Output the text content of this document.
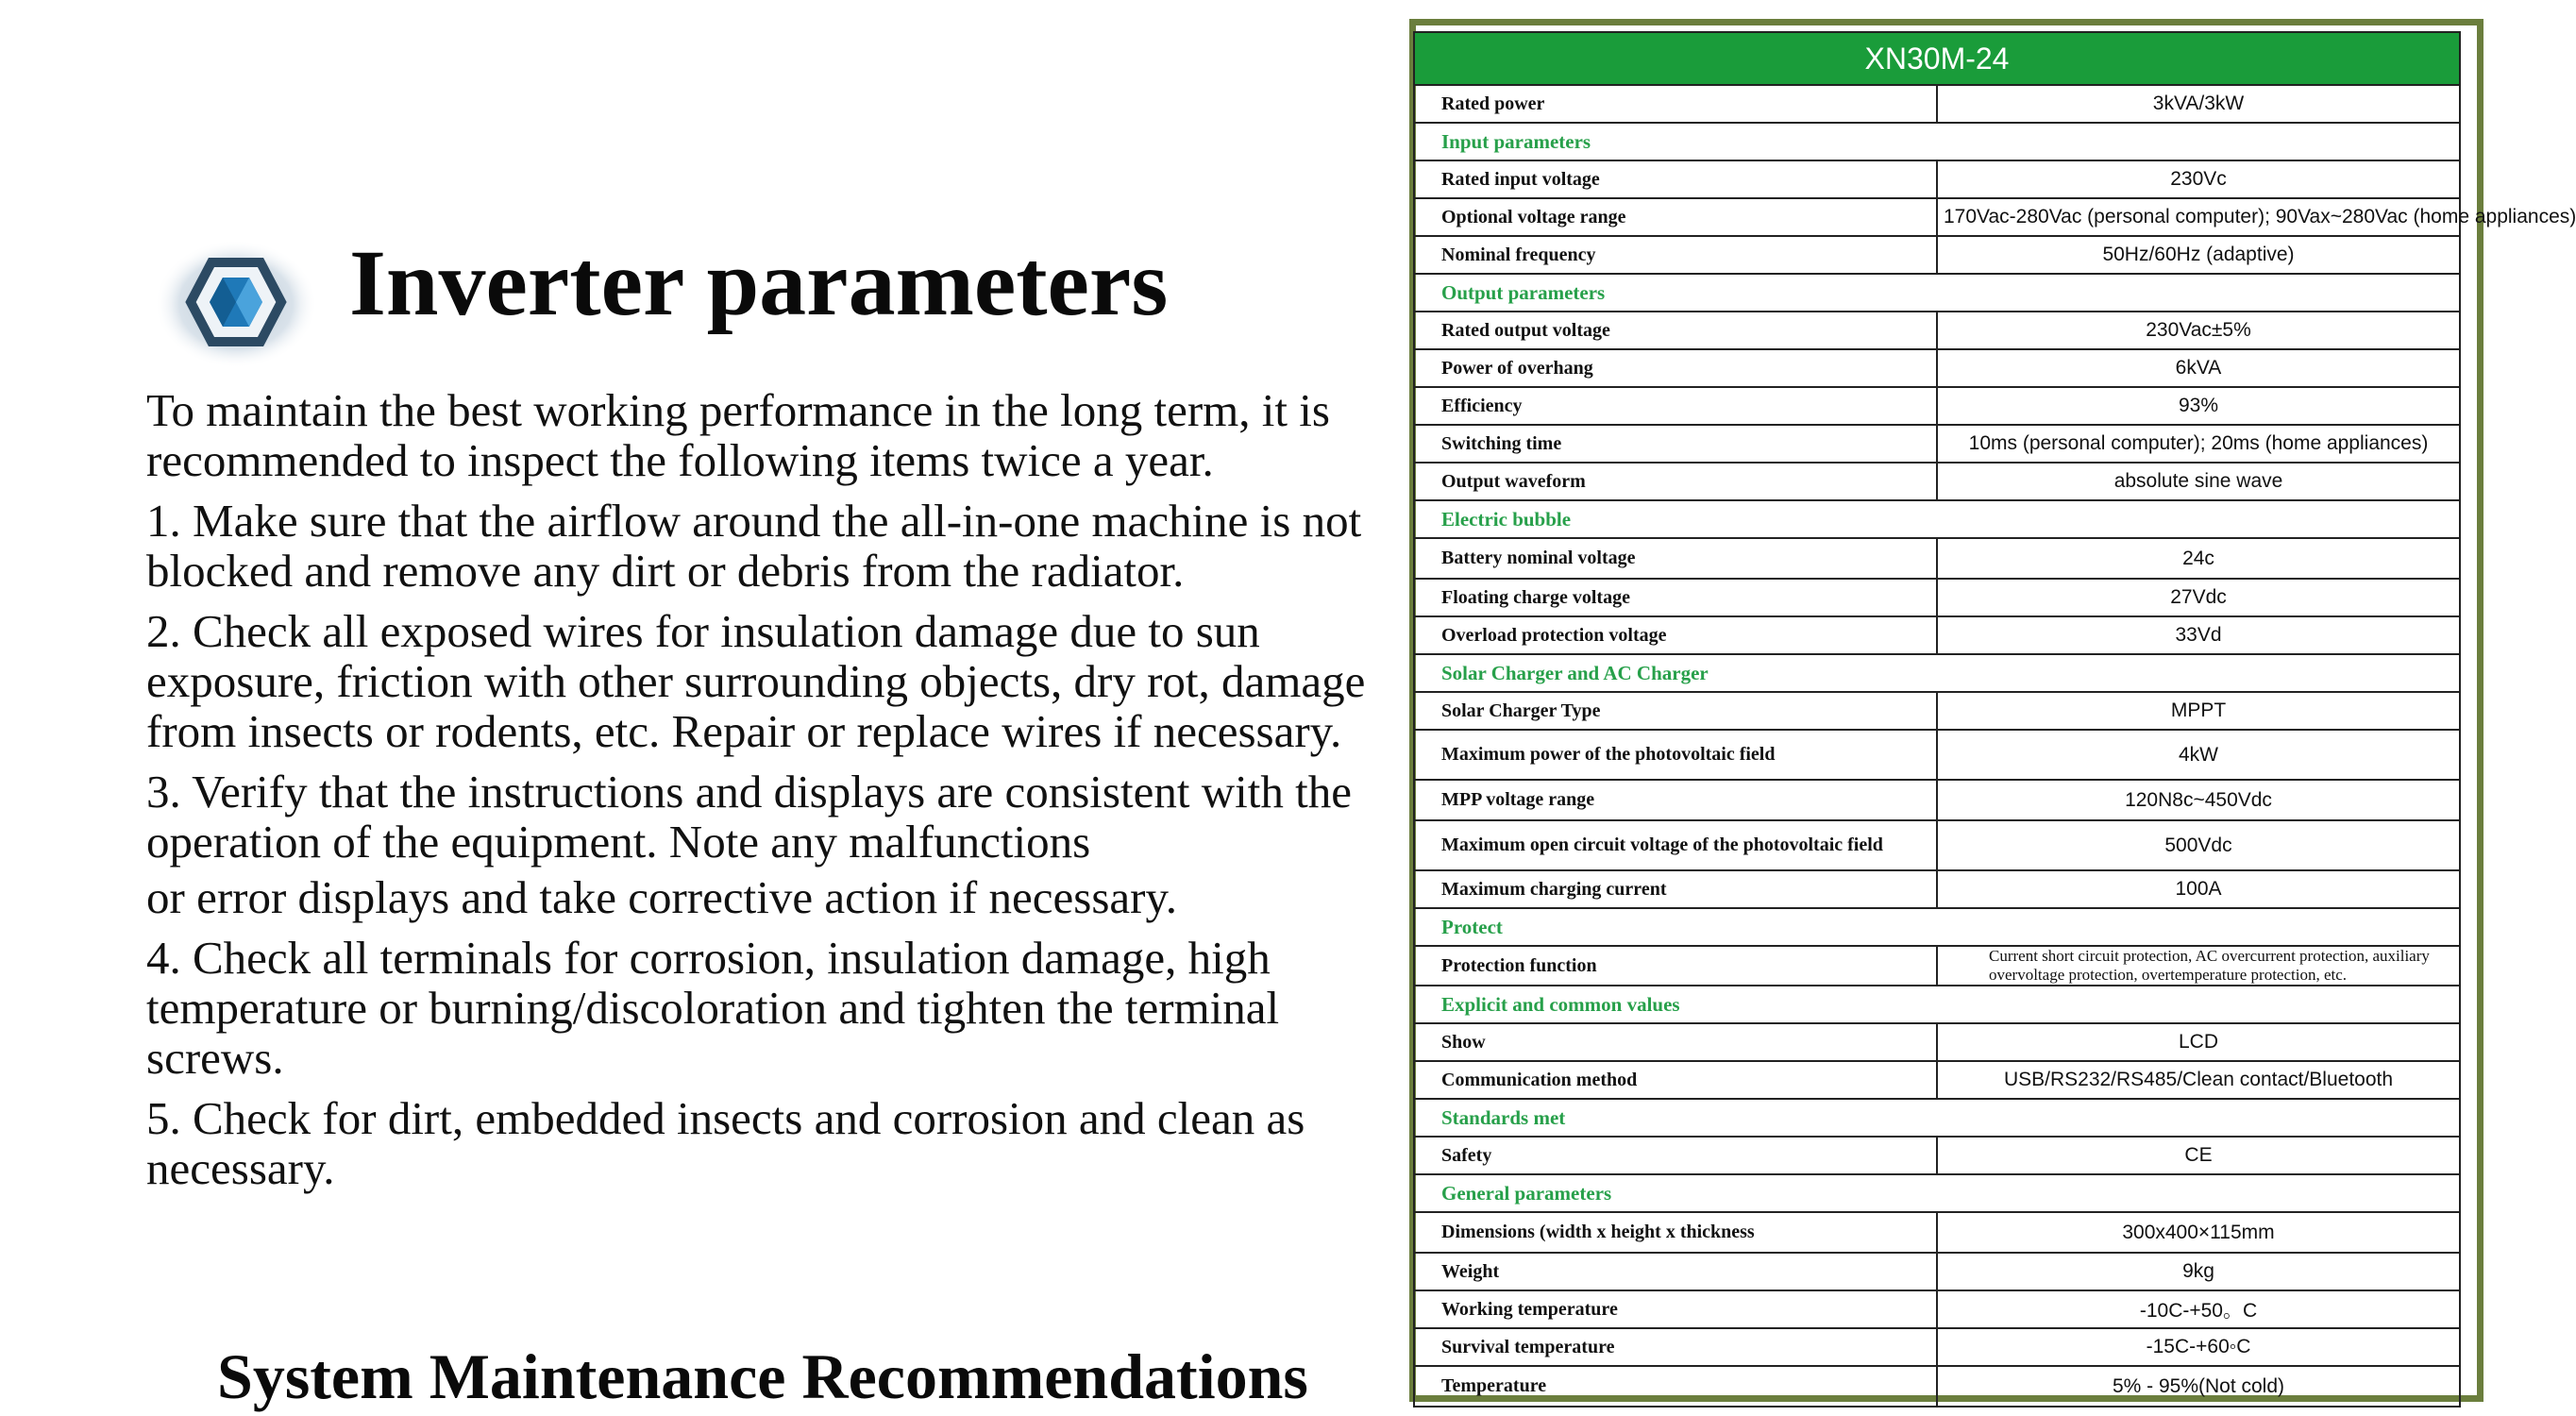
Inverter parameters

To maintain the best working performance in the long term, it is recommended to inspect the following items twice a year.

1. Make sure that the airflow around the all-in-one machine is not blocked and remove any dirt or debris from the radiator.

2. Check all exposed wires for insulation damage due to sun exposure, friction with other surrounding objects, dry rot, damage from insects or rodents, etc. Repair or replace wires if necessary.

3. Verify that the instructions and displays are consistent with the operation of the equipment. Note any malfunctions

or error displays and take corrective action if necessary.

4. Check all terminals for corrosion, insulation damage, high temperature or burning/discoloration and tighten the terminal screws.

5. Check for dirt, embedded insects and corrosion and clean as necessary.

System Maintenance Recommendations
XN30M-24	
Rated power	3kVA/3kW
Input parameters	
Rated input voltage	230Vc
Optional voltage range	170Vac-280Vac (personal computer); 90Vax~280Vac (home appliances)
Nominal frequency	50Hz/60Hz (adaptive)
Output parameters	
Rated output voltage	230Vac±5%
Power of overhang	6kVA
Efficiency	93%
Switching time	10ms (personal computer); 20ms (home appliances)
Output waveform	absolute sine wave
Electric bubble	
Battery nominal voltage	24c
Floating charge voltage	27Vdc
Overload protection voltage	33Vd
Solar Charger and AC Charger	
Solar Charger Type	MPPT
Maximum power of the photovoltaic field	4kW
MPP voltage range	120N8c~450Vdc
Maximum open circuit voltage of the photovoltaic field	500Vdc
Maximum charging current	100A
Protect	
Protection function	Current short circuit protection, AC overcurrent protection, auxiliary overvoltage protection, overtemperature protection, etc.
Explicit and common values	
Show	LCD
Communication method	USB/RS232/RS485/Clean contact/Bluetooth
Standards met	
Safety	CE
General parameters	
Dimensions (width x height x thickness	300x400×115mm
Weight	9kg
Working temperature	-10C-+50。C
Survival temperature	-15C-+60◦C
Temperature	5% - 95%(Not cold)
